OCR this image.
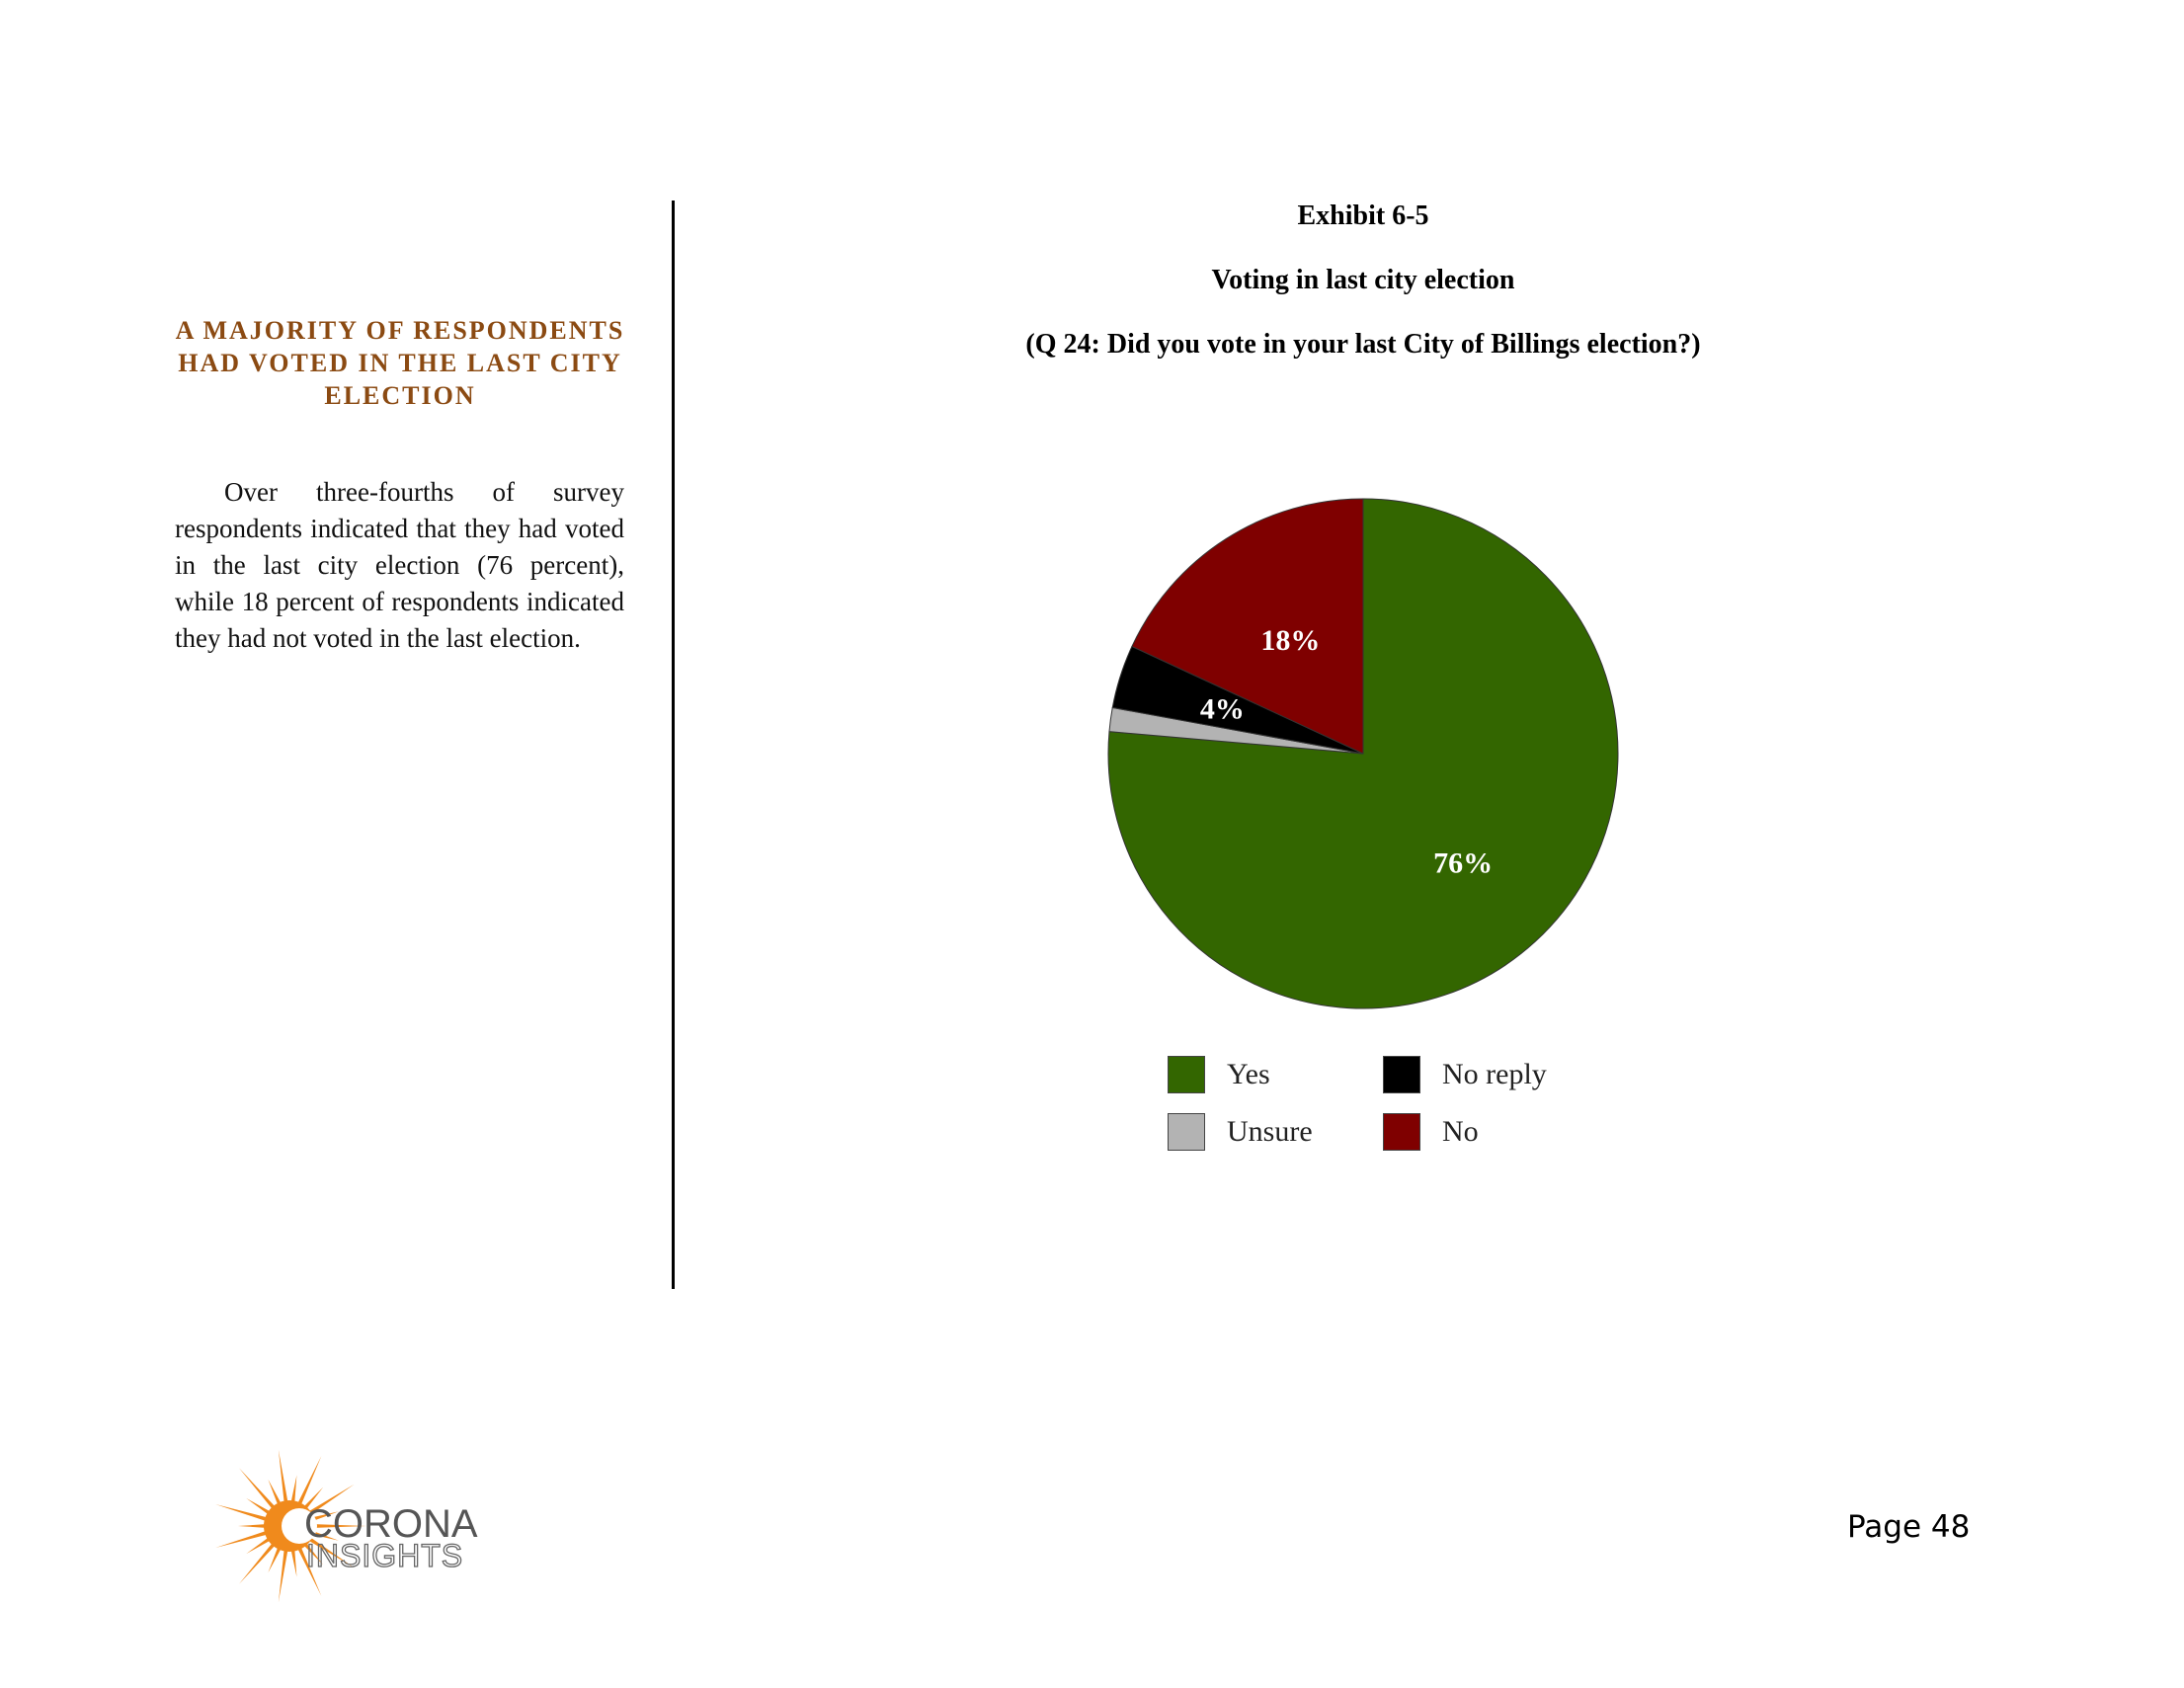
A MAJORITY OF RESPONDENTS HAD VOTED IN THE LAST CITY ELECTION
Over three-fourths of survey respondents indicated that they had voted in the last city election (76 percent), while 18 percent of respondents indicated they had not voted in the last election.
Exhibit 6-5
Voting in last city election
(Q 24: Did you vote in your last City of Billings election?)
76%
4%
18%
Yes	No reply
Unsure	No
CORONA
INSIGHTS
Page 48
